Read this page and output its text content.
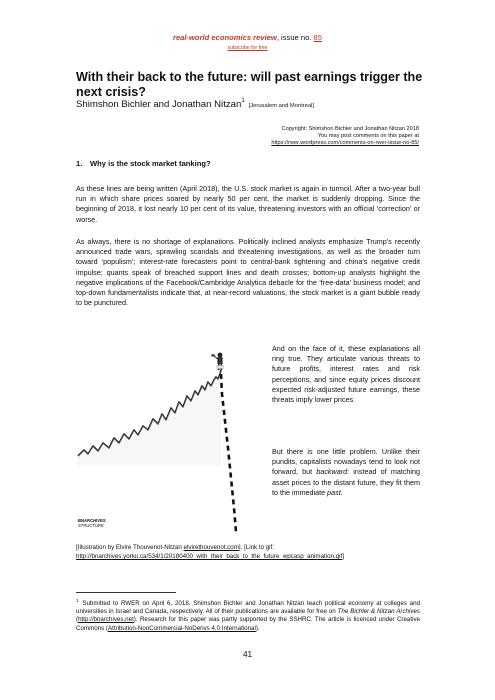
real-world economics review, issue no. 85
subscribe for free
With their back to the future: will past earnings trigger the next crisis?
Shimshon Bichler and Jonathan Nitzan$^1$[Jerusalem and Montreal]
Copyright: Shimshon Bichler and Jonathan Nitzan 2018
You may post comments on this paper at
https://rwer.wordpress.com/comments-on-rwer-issue-no-85/
1. Why is the stock market tanking?
As these lines are being written (April 2018), the U.S. stock market is again in turmoil. After a two-year bull run in which share prices soared by nearly 50 per cent, the market is suddenly dropping. Since the beginning of 2018, it lost nearly 10 per cent of its value, threatening investors with an official ‘correction’ or worse.
As always, there is no shortage of explanations. Politically inclined analysts emphasize Trump’s recently announced trade wars, sprawling scandals and threatening investigations, as well as the broader turn toward ‘populism’; interest-rate forecasters point to central-bank tightening and china’s negative credit impulse; quants speak of breached support lines and death crosses; bottom-up analysts highlight the negative implications of the Facebook/Cambridge Analytica debacle for the ‘free-data’ business model; and top-down fundamentalists indicate that, at near-record valuations, the stock market is a giant bubble ready to be punctured.
BNARCHIVES
STRUCTURE
And on the face of it, these explanations all ring true. They articulate various threats to future profits, interest rates and risk perceptions, and since equity prices discount expected risk-adjusted future earnings, these threats imply lower prices.
But there is one little problem. Unlike their pundits, capitalists nowadays tend to look not forward, but backward: instead of matching asset prices to the distant future, they fit them to the immediate past.
[Illustration by Elvire Thouvenot-Nitzan elvirethouvenot.com]. [Link to gif:
http://bnarchives.yorku.ca/534/1/20180400_with_their_back_to_the_future_wpcasp_animation.gif]
$^1$ Submitted to RWER on April 6, 2018. Shimshon Bichler and Jonathan Nitzan teach political economy at colleges and universities in Israel and Canada, respectively. All of their publications are available for free on The Bichler & Nitzan Archives (http://bnarchives.net). Research for this paper was partly supported by the SSHRC. The article is licenced under Creative Commons (Attribution-NonCommercial-NoDerivs 4.0 International).
41
